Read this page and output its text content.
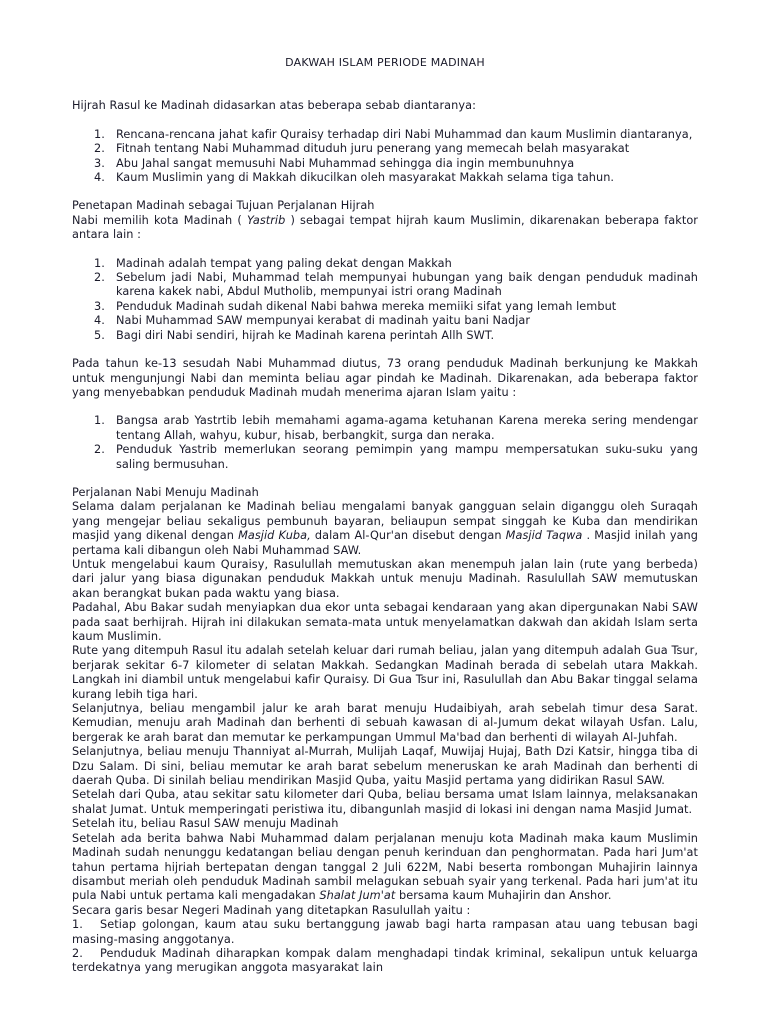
DAKWAH ISLAM PERIODE MADINAH

Hijrah Rasul ke Madinah didasarkan atas beberapa sebab diantaranya:

1. Rencana-rencana jahat kafir Quraisy terhadap diri Nabi Muhammad dan kaum Muslimin diantaranya,
2. Fitnah tentang Nabi Muhammad dituduh juru penerang yang memecah belah masyarakat
3. Abu Jahal sangat memusuhi Nabi Muhammad sehingga dia ingin membunuhnya
4. Kaum Muslimin yang di Makkah dikucilkan oleh masyarakat Makkah selama tiga tahun.

Penetapan Madinah sebagai Tujuan Perjalanan Hijrah

Nabi memilih kota Madinah ( Yastrib ) sebagai tempat hijrah kaum Muslimin, dikarenakan beberapa faktor antara lain :

1. Madinah adalah tempat yang paling dekat dengan Makkah
2. Sebelum jadi Nabi, Muhammad telah mempunyai hubungan yang baik dengan penduduk madinah karena kakek nabi, Abdul Mutholib, mempunyai istri orang Madinah
3. Penduduk Madinah sudah dikenal Nabi bahwa mereka memiiki sifat yang lemah lembut
4. Nabi Muhammad SAW mempunyai kerabat di madinah yaitu bani Nadjar
5. Bagi diri Nabi sendiri, hijrah ke Madinah karena perintah Allh SWT.

Pada tahun ke-13 sesudah Nabi Muhammad diutus, 73 orang penduduk Madinah berkunjung ke Makkah untuk mengunjungi Nabi dan meminta beliau agar pindah ke Madinah. Dikarenakan, ada beberapa faktor yang menyebabkan penduduk Madinah mudah menerima ajaran Islam yaitu :

1. Bangsa arab Yastrtib lebih memahami agama-agama ketuhanan Karena mereka sering mendengar tentang Allah, wahyu, kubur, hisab, berbangkit, surga dan neraka.
2. Penduduk Yastrib memerlukan seorang pemimpin yang mampu mempersatukan suku-suku yang saling bermusuhan.

Perjalanan Nabi Menuju Madinah

Selama dalam perjalanan ke Madinah beliau mengalami banyak gangguan selain diganggu oleh Suraqah yang mengejar beliau sekaligus pembunuh bayaran, beliaupun sempat singgah ke Kuba dan mendirikan masjid yang dikenal dengan Masjid Kuba, dalam Al-Qur'an disebut dengan Masjid Taqwa . Masjid inilah yang pertama kali dibangun oleh Nabi Muhammad SAW.

Untuk mengelabui kaum Quraisy, Rasulullah memutuskan akan menempuh jalan lain (rute yang berbeda) dari jalur yang biasa digunakan penduduk Makkah untuk menuju Madinah. Rasulullah SAW memutuskan akan berangkat bukan pada waktu yang biasa.

Padahal, Abu Bakar sudah menyiapkan dua ekor unta sebagai kendaraan yang akan dipergunakan Nabi SAW pada saat berhijrah. Hijrah ini dilakukan semata-mata untuk menyelamatkan dakwah dan akidah Islam serta kaum Muslimin.

Rute yang ditempuh Rasul itu adalah setelah keluar dari rumah beliau, jalan yang ditempuh adalah Gua Tsur, berjarak sekitar 6-7 kilometer di selatan Makkah. Sedangkan Madinah berada di sebelah utara Makkah. Langkah ini diambil untuk mengelabui kafir Quraisy. Di Gua Tsur ini, Rasulullah dan Abu Bakar tinggal selama kurang lebih tiga hari.

Selanjutnya, beliau mengambil jalur ke arah barat menuju Hudaibiyah, arah sebelah timur desa Sarat. Kemudian, menuju arah Madinah dan berhenti di sebuah kawasan di al-Jumum dekat wilayah Usfan. Lalu, bergerak ke arah barat dan memutar ke perkampungan Ummul Ma'bad dan berhenti di wilayah Al-Juhfah.

Selanjutnya, beliau menuju Thanniyat al-Murrah, Mulijah Laqaf, Muwijaj Hujaj, Bath Dzi Katsir, hingga tiba di Dzu Salam. Di sini, beliau memutar ke arah barat sebelum meneruskan ke arah Madinah dan berhenti di daerah Quba. Di sinilah beliau mendirikan Masjid Quba, yaitu Masjid pertama yang didirikan Rasul SAW.

Setelah dari Quba, atau sekitar satu kilometer dari Quba, beliau bersama umat Islam lainnya, melaksanakan shalat Jumat. Untuk memperingati peristiwa itu, dibangunlah masjid di lokasi ini dengan nama Masjid Jumat.

Setelah itu, beliau Rasul SAW menuju Madinah

Setelah ada berita bahwa Nabi Muhammad dalam perjalanan menuju kota Madinah maka kaum Muslimin Madinah sudah nenunggu kedatangan beliau dengan penuh kerinduan dan penghormatan. Pada hari Jum'at tahun pertama hijriah bertepatan dengan tanggal 2 Juli 622M, Nabi beserta rombongan Muhajirin lainnya disambut meriah oleh penduduk Madinah sambil melagukan sebuah syair yang terkenal. Pada hari jum'at itu pula Nabi untuk pertama kali mengadakan Shalat Jum'at bersama kaum Muhajirin dan Anshor.

Secara garis besar Negeri Madinah yang ditetapkan Rasulullah yaitu :

1. Setiap golongan, kaum atau suku bertanggung jawab bagi harta rampasan atau uang tebusan bagi masing-masing anggotanya.

2. Penduduk Madinah diharapkan kompak dalam menghadapi tindak kriminal, sekalipun untuk keluarga terdekatnya yang merugikan anggota masyarakat lain
